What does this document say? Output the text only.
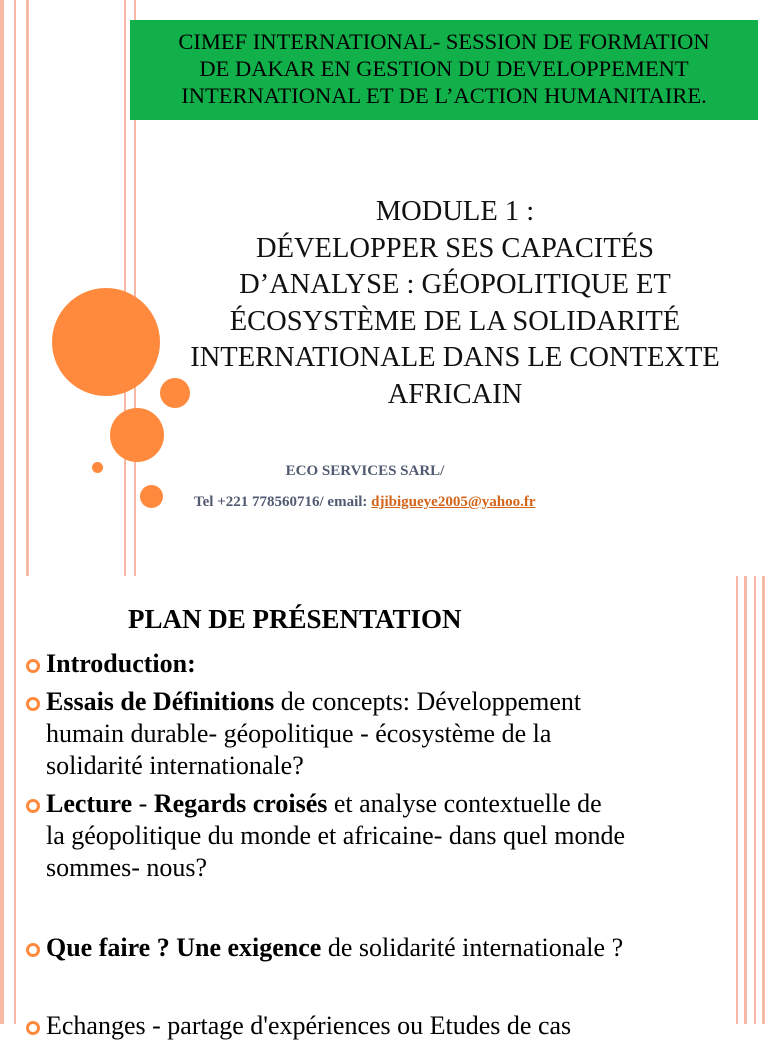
CIMEF INTERNATIONAL- SESSION DE FORMATION
DE DAKAR EN GESTION DU DEVELOPPEMENT
INTERNATIONAL ET DE L’ACTION HUMANITAIRE.
MODULE 1 :
DÉVELOPPER SES CAPACITÉS
D’ANALYSE : GÉOPOLITIQUE ET
ÉCOSYSTÈME DE LA SOLIDARITÉ
INTERNATIONALE DANS LE CONTEXTE
AFRICAIN
ECO SERVICES SARL/
Tel +221 778560716/ email: djibigueye2005@yahoo.fr
PLAN DE PRÉSENTATION
Introduction:
Essais de Définitions de concepts: Développement
humain durable- géopolitique - écosystème de la
solidarité internationale?
Lecture - Regards croisés et analyse contextuelle de
la géopolitique du monde et africaine- dans quel monde
sommes- nous?
Que faire ? Une exigence de solidarité internationale ?
Echanges - partage d'expériences ou Etudes de cas
